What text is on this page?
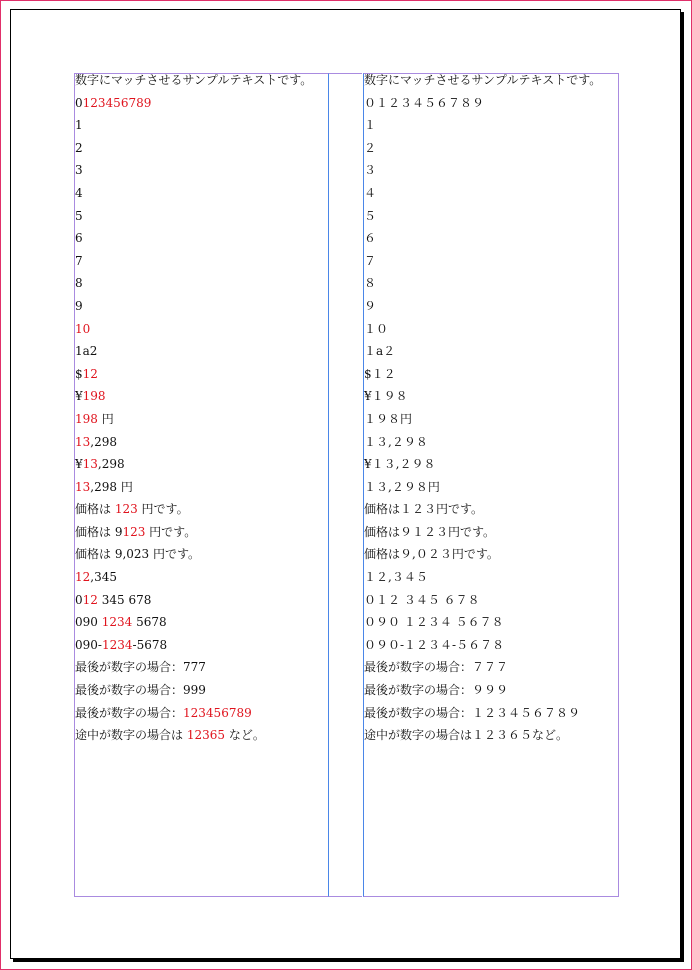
数字にマッチさせるサンプルテキストです。
0123456789
1
2
3
4
5
6
7
8
9
10
1a2
$12
¥198
198 円
13,298
¥13,298
13,298 円
価格は 123 円です。
価格は 9123 円です。
価格は 9,023 円です。
12,345
012 345 678
090 1234 5678
090-1234-5678
最後が数字の場合：777
最後が数字の場合：999
最後が数字の場合：123456789
途中が数字の場合は 12365 など。
数字にマッチさせるサンプルテキストです。
０１２３４５６７８９
１
２
３
４
５
６
７
８
９
１０
１a２
$１２
¥１９８
１９８円
１３,２９８
¥１３,２９８
１３,２９８円
価格は１２３円です。
価格は９１２３円です。
価格は９,０２３円です。
１２,３４５
０１２ ３４５ ６７８
０９０ １２３４ ５６７８
０９０-１２３４-５６７８
最後が数字の場合：７７７
最後が数字の場合：９９９
最後が数字の場合：１２３４５６７８９
途中が数字の場合は１２３６５など。
